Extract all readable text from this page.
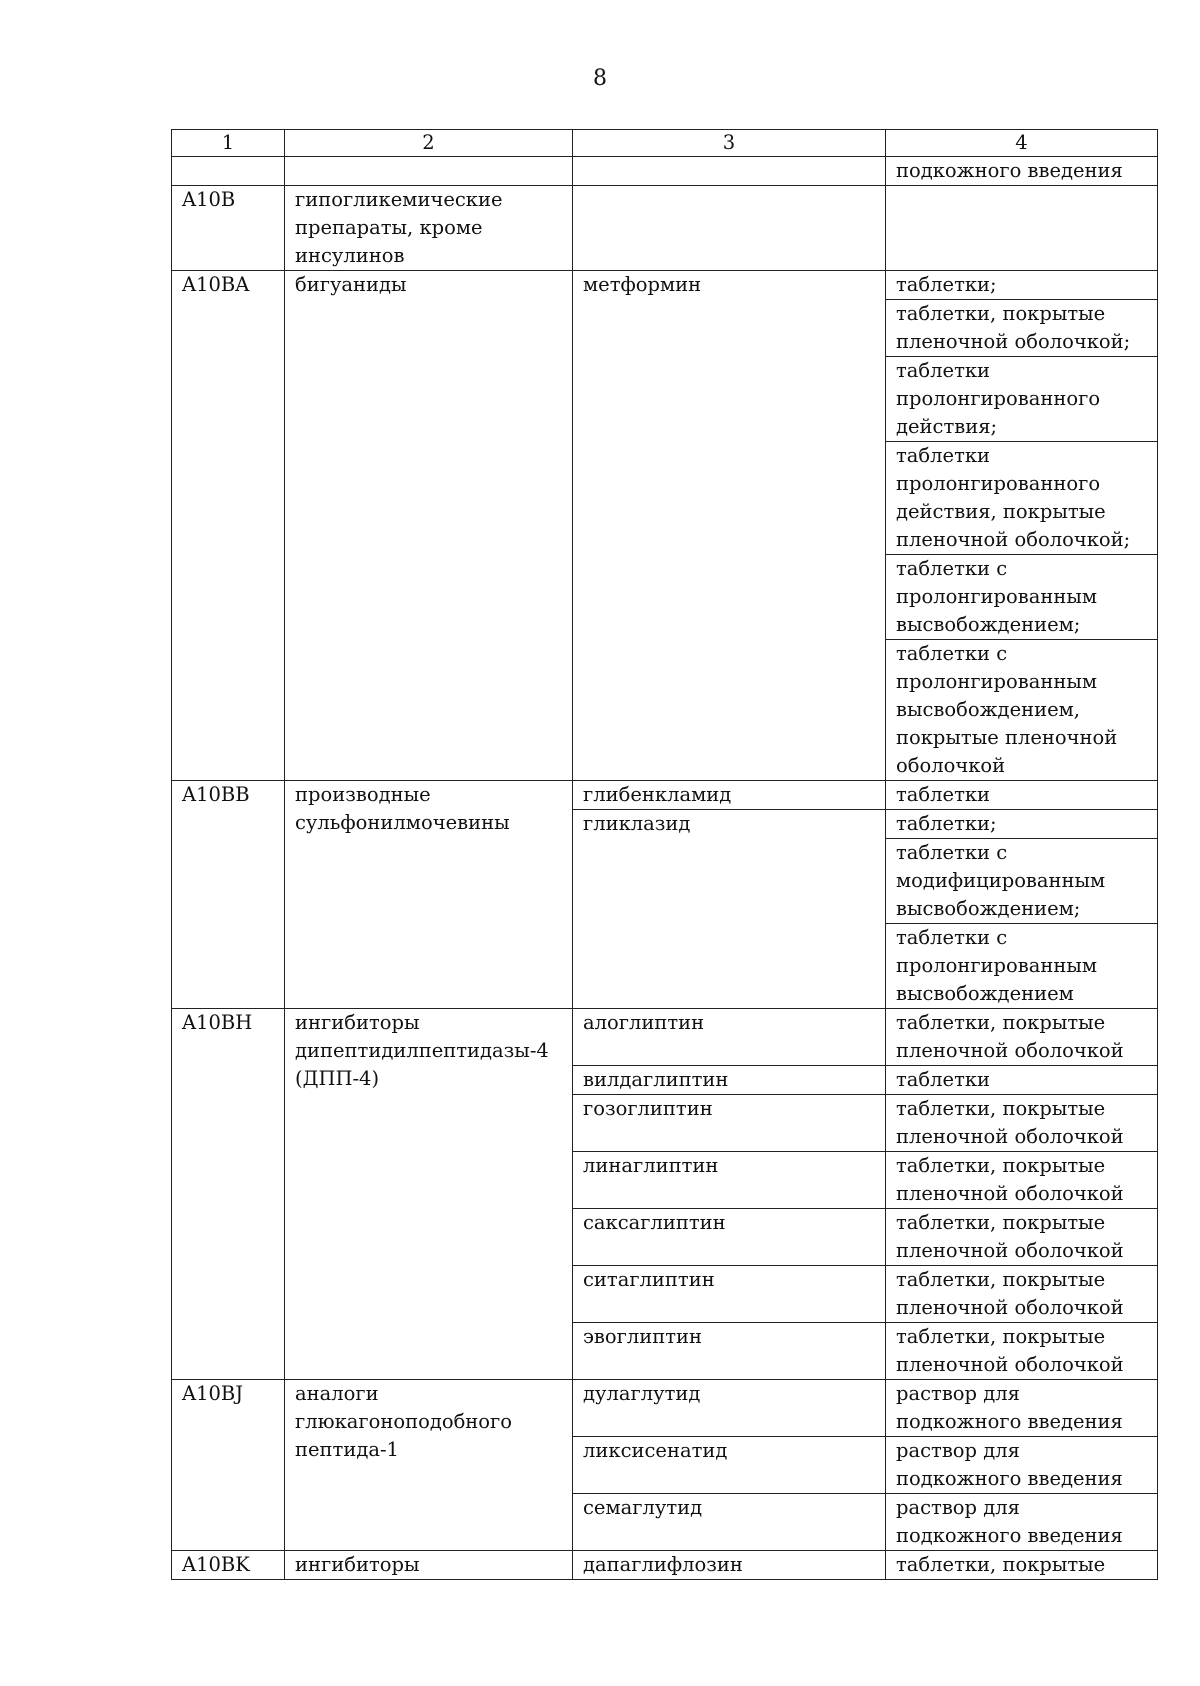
8
1	2	3	4
			подкожного введения
A10B	гипогликемические препараты, кроме инсулинов		
A10BA	бигуаниды	метформин	таблетки;
			таблетки, покрытые пленочной оболочкой;
			таблетки пролонгированного действия;
			таблетки пролонгированного действия, покрытые пленочной оболочкой;
			таблетки с пролонгированным высвобождением;
			таблетки с пролонгированным высвобождением, покрытые пленочной оболочкой
A10BB	производные сульфонилмочевины	глибенкламид	таблетки
		гликлазид	таблетки;
			таблетки с модифицированным высвобождением;
			таблетки с пролонгированным высвобождением
A10BH	ингибиторы дипептидилпептидазы-4 (ДПП-4)	алоглиптин	таблетки, покрытые пленочной оболочкой
		вилдаглиптин	таблетки
		гозоглиптин	таблетки, покрытые пленочной оболочкой
		линаглиптин	таблетки, покрытые пленочной оболочкой
		саксаглиптин	таблетки, покрытые пленочной оболочкой
		ситаглиптин	таблетки, покрытые пленочной оболочкой
		эвоглиптин	таблетки, покрытые пленочной оболочкой
A10BJ	аналоги глюкагоноподобного пептида-1	дулаглутид	раствор для подкожного введения
		ликсисенатид	раствор для подкожного введения
		семаглутид	раствор для подкожного введения
A10BK	ингибиторы	дапаглифлозин	таблетки, покрытые
